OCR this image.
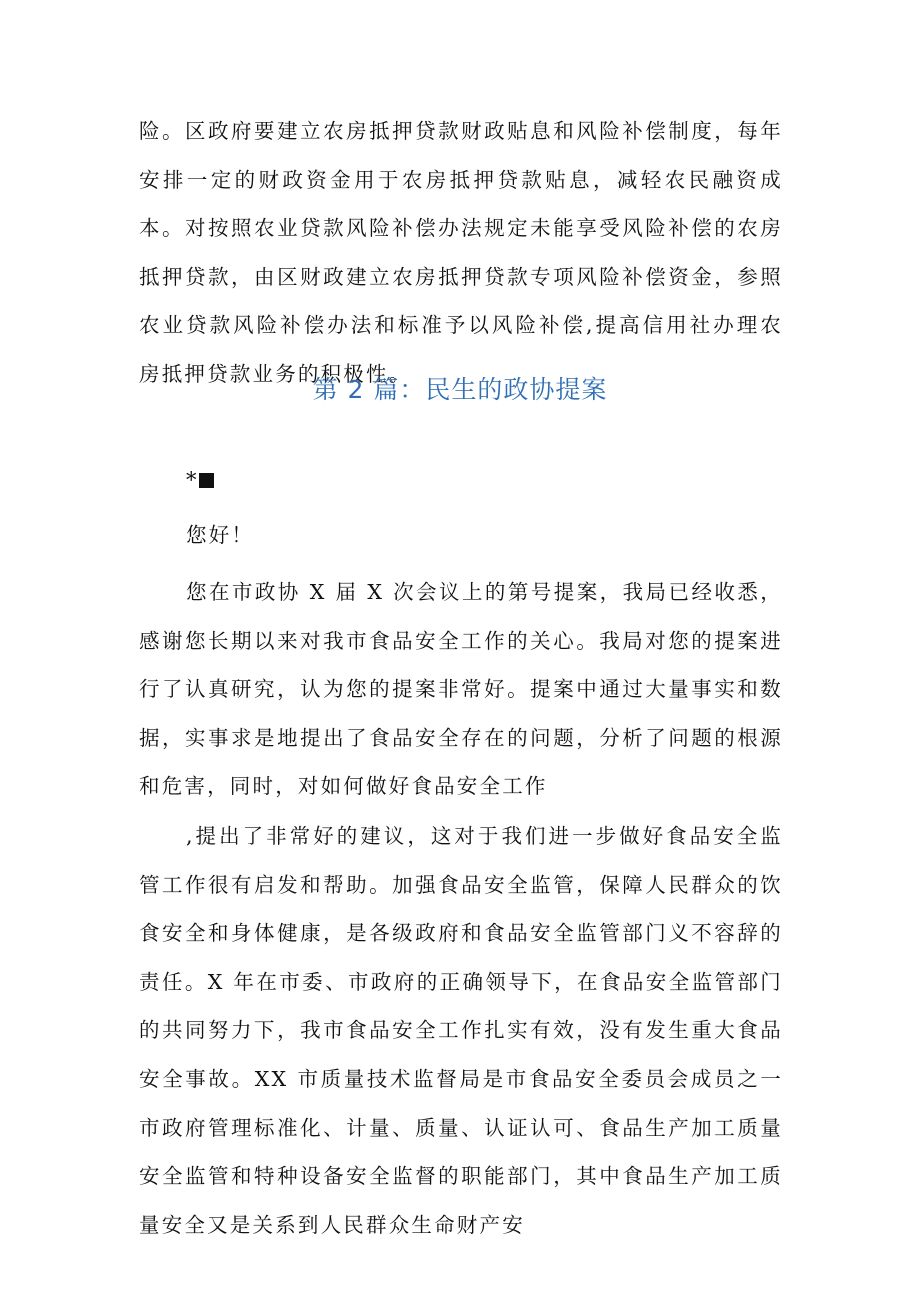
险。区政府要建立农房抵押贷款财政贴息和风险补偿制度，每年安排一定的财政资金用于农房抵押贷款贴息，减轻农民融资成本。对按照农业贷款风险补偿办法规定未能享受风险补偿的农房抵押贷款，由区财政建立农房抵押贷款专项风险补偿资金，参照农业贷款风险补偿办法和标准予以风险补偿,提高信用社办理农房抵押贷款业务的积极性。

第 2 篇：民生的政协提案

*

您好！

您在市政协 X 届 X 次会议上的第号提案，我局已经收悉，感谢您长期以来对我市食品安全工作的关心。我局对您的提案进行了认真研究，认为您的提案非常好。提案中通过大量事实和数据，实事求是地提出了食品安全存在的问题，分析了问题的根源和危害，同时，对如何做好食品安全工作

,提出了非常好的建议，这对于我们进一步做好食品安全监管工作很有启发和帮助。加强食品安全监管，保障人民群众的饮食安全和身体健康，是各级政府和食品安全监管部门义不容辞的责任。X 年在市委、市政府的正确领导下，在食品安全监管部门的共同努力下，我市食品安全工作扎实有效，没有发生重大食品安全事故。XX 市质量技术监督局是市食品安全委员会成员之一市政府管理标准化、计量、质量、认证认可、食品生产加工质量安全监管和特种设备安全监督的职能部门，其中食品生产加工质量安全又是关系到人民群众生命财产安
